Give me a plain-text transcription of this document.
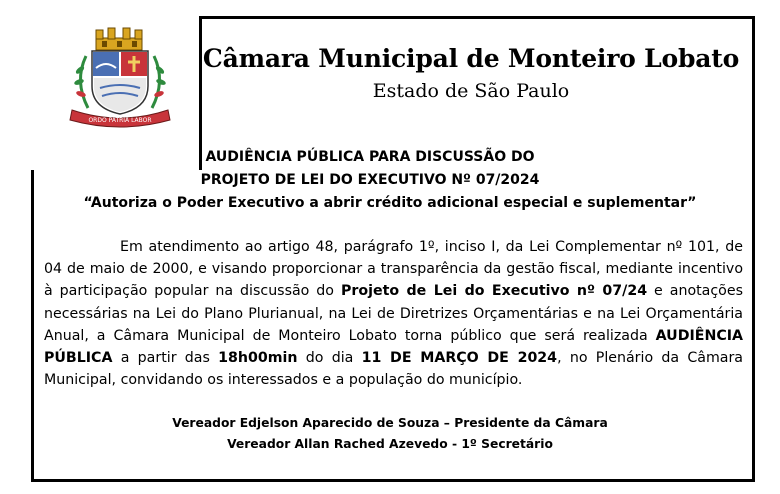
ORDO PATRIA LABOR
Câmara Municipal de Monteiro Lobato
Estado de São Paulo
AUDIÊNCIA PÚBLICA PARA DISCUSSÃO DO
PROJETO DE LEI DO EXECUTIVO Nº 07/2024
“Autoriza o Poder Executivo a abrir crédito adicional especial e suplementar”
Em atendimento ao artigo 48, parágrafo 1º, inciso I, da Lei Complementar nº 101, de 04 de maio de 2000, e visando proporcionar a transparência da gestão fiscal, mediante incentivo à participação popular na discussão do Projeto de Lei do Executivo nº 07/24 e anotações necessárias na Lei do Plano Plurianual, na Lei de Diretrizes Orçamentárias e na Lei Orçamentária Anual, a Câmara Municipal de Monteiro Lobato torna público que será realizada AUDIÊNCIA PÚBLICA a partir das 18h00min do dia 11 DE MARÇO DE 2024, no Plenário da Câmara Municipal, convidando os interessados e a população do município.
Vereador Edjelson Aparecido de Souza – Presidente da Câmara
Vereador Allan Rached Azevedo - 1º Secretário
